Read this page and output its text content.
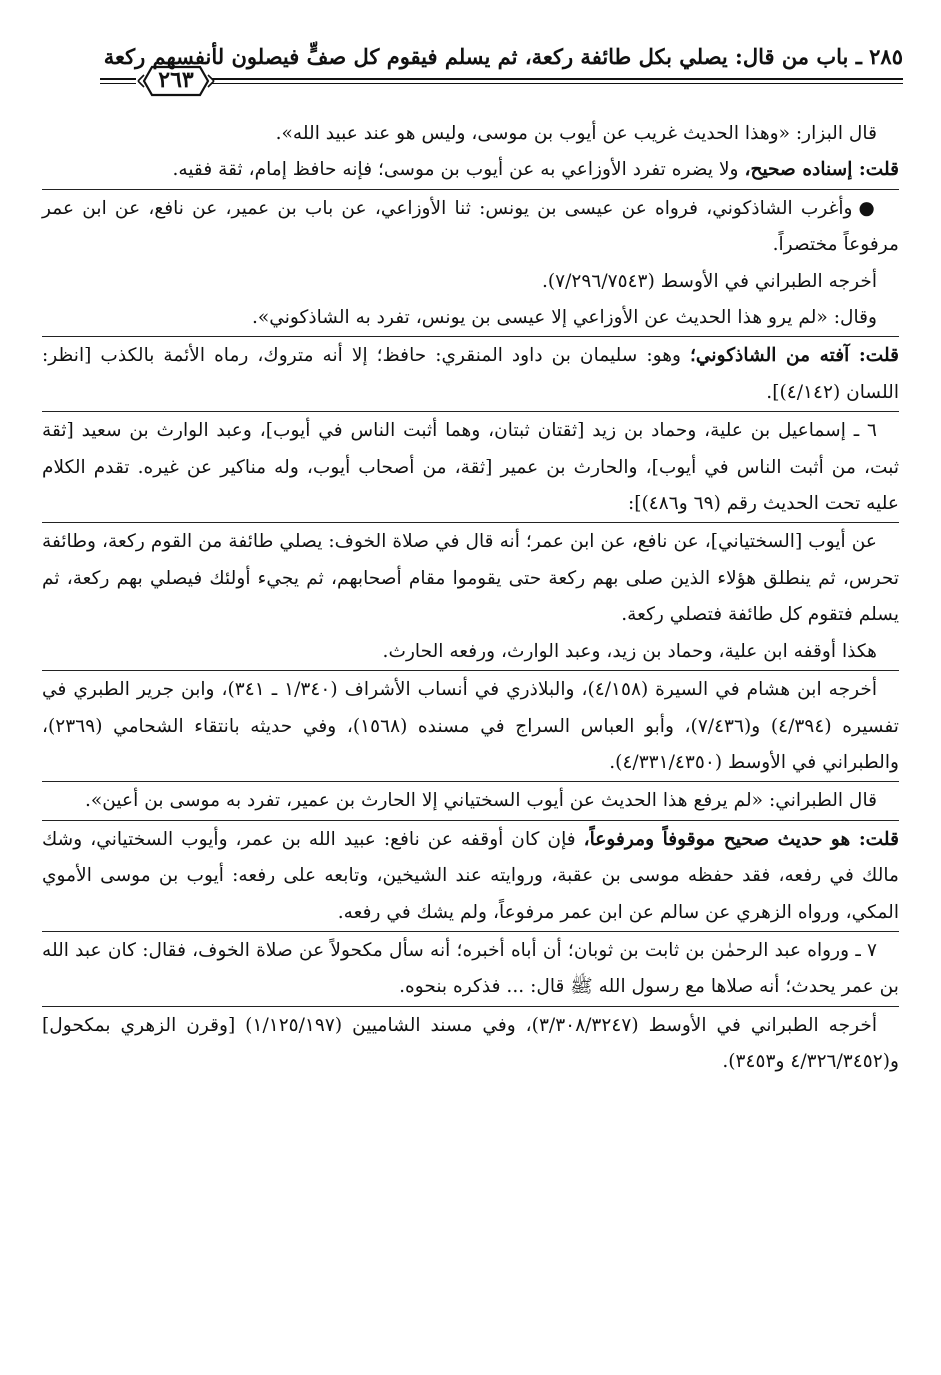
٢٨٥ ـ باب من قال: يصلي بكل طائفة ركعة، ثم يسلم فيقوم كل صفٍّ فيصلون لأنفسهم ركعة
٢٦٣

قال البزار: «وهذا الحديث غريب عن أيوب بن موسى، وليس هو عند عبيد الله».

قلت: إسناده صحيح، ولا يضره تفرد الأوزاعي به عن أيوب بن موسى؛ فإنه حافظ إمام، ثقة فقيه.

●وأغرب الشاذكوني، فرواه عن عيسى بن يونس: ثنا الأوزاعي، عن باب بن عمير، عن نافع، عن ابن عمر مرفوعاً مختصراً.

أخرجه الطبراني في الأوسط (٧/٢٩٦/٧٥٤٣).

وقال: «لم يرو هذا الحديث عن الأوزاعي إلا عيسى بن يونس، تفرد به الشاذكوني».

قلت: آفته من الشاذكوني؛ وهو: سليمان بن داود المنقري: حافظ؛ إلا أنه متروك، رماه الأئمة بالكذب [انظر: اللسان (٤/١٤٢)].

٦ ـ إسماعيل بن علية، وحماد بن زيد [ثقتان ثبتان، وهما أثبت الناس في أيوب]، وعبد الوارث بن سعيد [ثقة ثبت، من أثبت الناس في أيوب]، والحارث بن عمير [ثقة، من أصحاب أيوب، وله مناكير عن غيره. تقدم الكلام عليه تحت الحديث رقم (٦٩ و٤٨٦)]:

عن أيوب [السختياني]، عن نافع، عن ابن عمر؛ أنه قال في صلاة الخوف: يصلي طائفة من القوم ركعة، وطائفة تحرس، ثم ينطلق هؤلاء الذين صلى بهم ركعة حتى يقوموا مقام أصحابهم، ثم يجيء أولئك فيصلي بهم ركعة، ثم يسلم فتقوم كل طائفة فتصلي ركعة.

هكذا أوقفه ابن علية، وحماد بن زيد، وعبد الوارث، ورفعه الحارث.

أخرجه ابن هشام في السيرة (٤/١٥٨)، والبلاذري في أنساب الأشراف (١/٣٤٠ ـ ٣٤١)، وابن جرير الطبري في تفسيره (٤/٣٩٤) و(٧/٤٣٦)، وأبو العباس السراج في مسنده (١٥٦٨)، وفي حديثه بانتقاء الشحامي (٢٣٦٩)، والطبراني في الأوسط (٤/٣٣١/٤٣٥٠).

قال الطبراني: «لم يرفع هذا الحديث عن أيوب السختياني إلا الحارث بن عمير، تفرد به موسى بن أعين».

قلت: هو حديث صحيح موقوفاً ومرفوعاً، فإن كان أوقفه عن نافع: عبيد الله بن عمر، وأيوب السختياني، وشك مالك في رفعه، فقد حفظه موسى بن عقبة، وروايته عند الشيخين، وتابعه على رفعه: أيوب بن موسى الأموي المكي، ورواه الزهري عن سالم عن ابن عمر مرفوعاً، ولم يشك في رفعه.

٧ ـ ورواه عبد الرحمٰن بن ثابت بن ثوبان؛ أن أباه أخبره؛ أنه سأل مكحولاً عن صلاة الخوف، فقال: كان عبد الله بن عمر يحدث؛ أنه صلاها مع رسول الله ﷺ قال: ... فذكره بنحوه.

أخرجه الطبراني في الأوسط (٣/٣٠٨/٣٢٤٧)، وفي مسند الشاميين (١/١٢٥/١٩٧) [وقرن الزهري بمكحول] و(٤/٣٢٦/٣٤٥٢ و٣٤٥٣).
